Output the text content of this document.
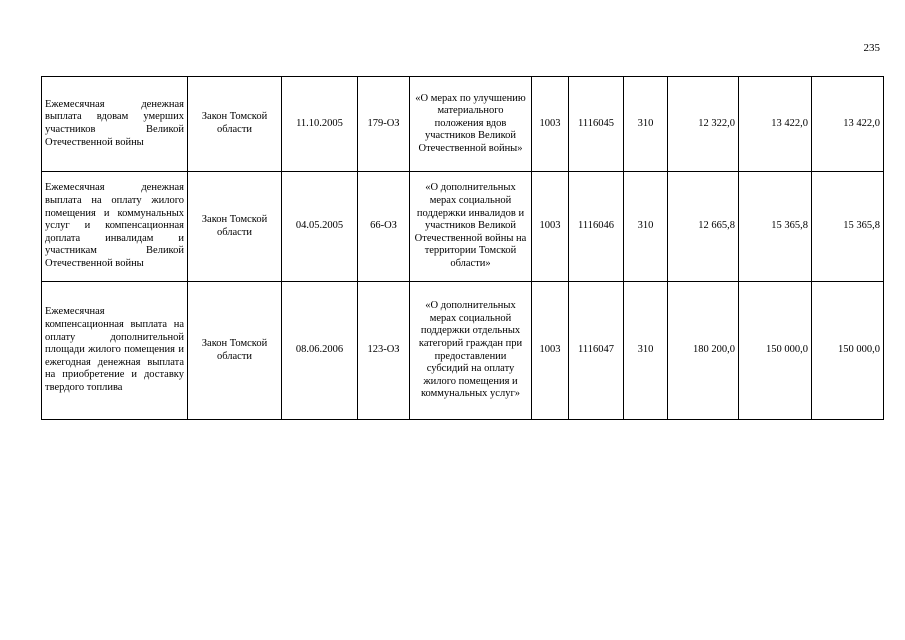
235
Ежемесячная денежная выплата вдовам умерших участников Великой Отечественной войны	Закон Томской области	11.10.2005	179-ОЗ	«О мерах по улучшению материального положения вдов участников Великой Отечественной войны»	1003	1116045	310	12 322,0	13 422,0	13 422,0
Ежемесячная денежная выплата на оплату жилого помещения и коммунальных услуг и компенсационная доплата инвалидам и участникам Великой Отечественной войны	Закон Томской области	04.05.2005	66-ОЗ	«О дополнительных мерах социальной поддержки инвалидов и участников Великой Отечественной войны на территории Томской области»	1003	1116046	310	12 665,8	15 365,8	15 365,8
Ежемесячная компенсационная выплата на оплату дополнительной площади жилого помещения и ежегодная денежная выплата на приобретение и доставку твердого топлива	Закон Томской области	08.06.2006	123-ОЗ	«О дополнительных мерах социальной поддержки отдельных категорий граждан при предоставлении субсидий на оплату жилого помещения и коммунальных услуг»	1003	1116047	310	180 200,0	150 000,0	150 000,0
